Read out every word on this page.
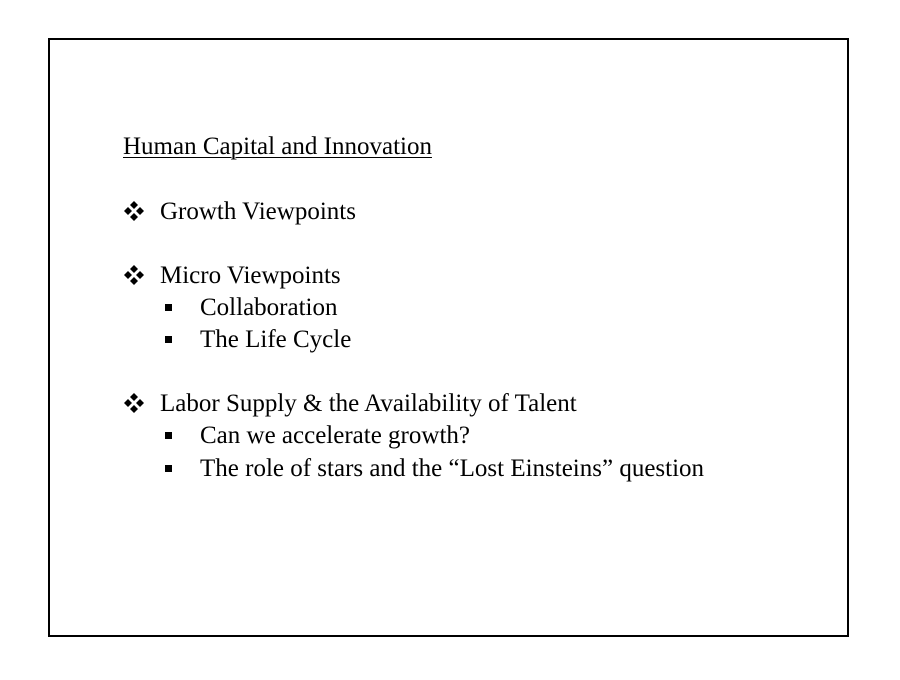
Human Capital and Innovation
Growth Viewpoints
Micro Viewpoints
Collaboration
The Life Cycle
Labor Supply & the Availability of Talent
Can we accelerate growth?
The role of stars and the “Lost Einsteins” question
